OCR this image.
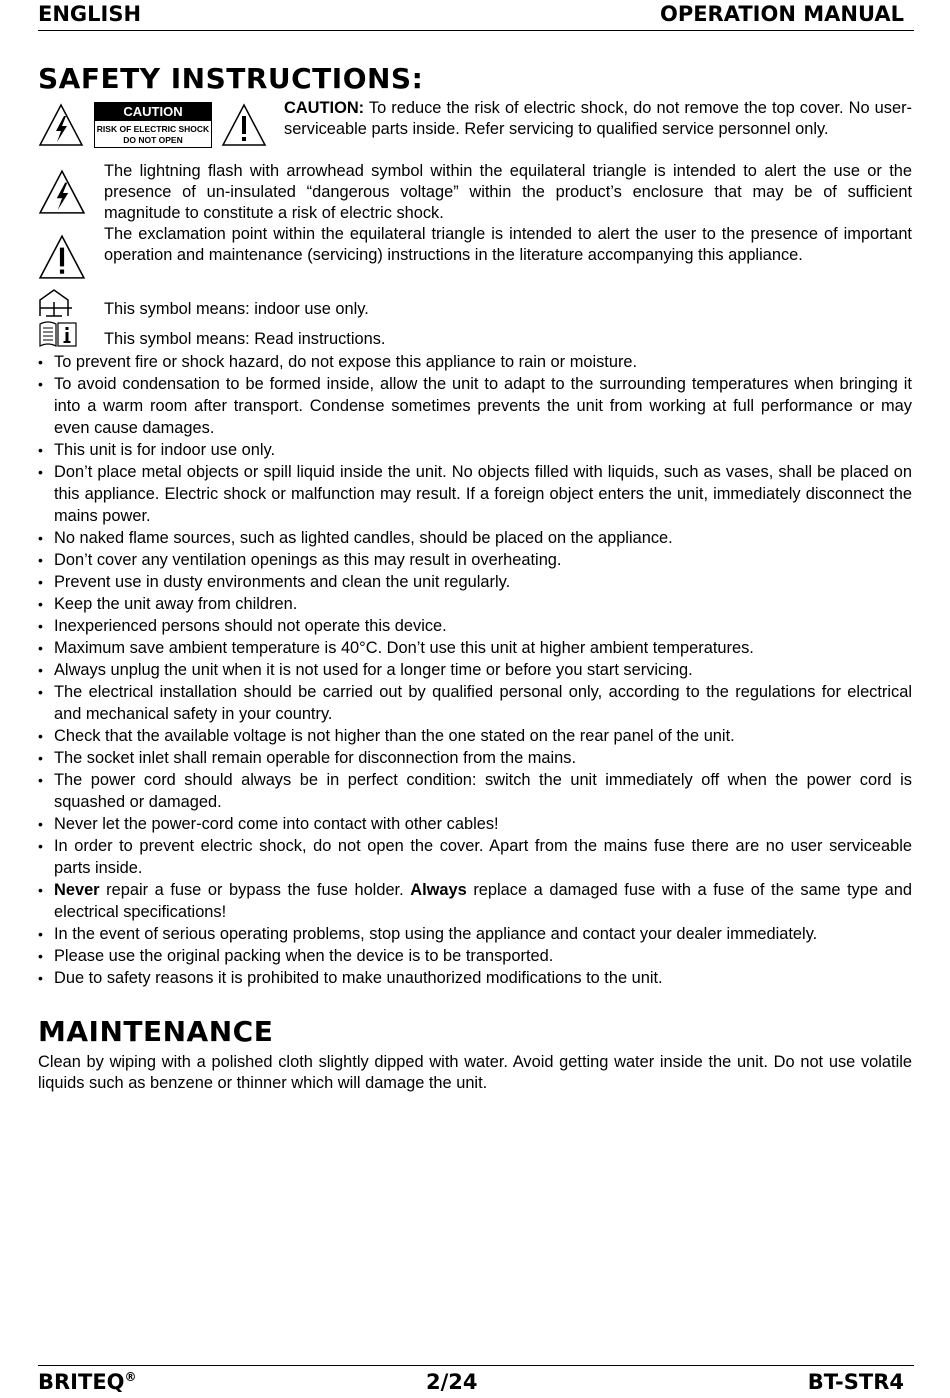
ENGLISH	OPERATION MANUAL
SAFETY INSTRUCTIONS:
CAUTION
RISK OF ELECTRIC SHOCK
DO NOT OPEN
CAUTION: To reduce the risk of electric shock, do not remove the top cover. No user-serviceable parts inside. Refer servicing to qualified service personnel only.
The lightning flash with arrowhead symbol within the equilateral triangle is intended to alert the use or the presence of un-insulated “dangerous voltage” within the product’s enclosure that may be of sufficient magnitude to constitute a risk of electric shock.
The exclamation point within the equilateral triangle is intended to alert the user to the presence of important operation and maintenance (servicing) instructions in the literature accompanying this appliance.
This symbol means: indoor use only.
This symbol means: Read instructions.
• To prevent fire or shock hazard, do not expose this appliance to rain or moisture.
• To avoid condensation to be formed inside, allow the unit to adapt to the surrounding temperatures when bringing it into a warm room after transport. Condense sometimes prevents the unit from working at full performance or may even cause damages.
• This unit is for indoor use only.
• Don’t place metal objects or spill liquid inside the unit. No objects filled with liquids, such as vases, shall be placed on this appliance. Electric shock or malfunction may result. If a foreign object enters the unit, immediately disconnect the mains power.
• No naked flame sources, such as lighted candles, should be placed on the appliance.
• Don’t cover any ventilation openings as this may result in overheating.
• Prevent use in dusty environments and clean the unit regularly.
• Keep the unit away from children.
• Inexperienced persons should not operate this device.
• Maximum save ambient temperature is 40°C. Don’t use this unit at higher ambient temperatures.
• Always unplug the unit when it is not used for a longer time or before you start servicing.
• The electrical installation should be carried out by qualified personal only, according to the regulations for electrical and mechanical safety in your country.
• Check that the available voltage is not higher than the one stated on the rear panel of the unit.
• The socket inlet shall remain operable for disconnection from the mains.
• The power cord should always be in perfect condition: switch the unit immediately off when the power cord is squashed or damaged.
• Never let the power-cord come into contact with other cables!
• In order to prevent electric shock, do not open the cover. Apart from the mains fuse there are no user serviceable parts inside.
• Never repair a fuse or bypass the fuse holder. Always replace a damaged fuse with a fuse of the same type and electrical specifications!
• In the event of serious operating problems, stop using the appliance and contact your dealer immediately.
• Please use the original packing when the device is to be transported.
• Due to safety reasons it is prohibited to make unauthorized modifications to the unit.
MAINTENANCE
Clean by wiping with a polished cloth slightly dipped with water. Avoid getting water inside the unit. Do not use volatile liquids such as benzene or thinner which will damage the unit.
BRITEQ®	2/24	BT-STR4
